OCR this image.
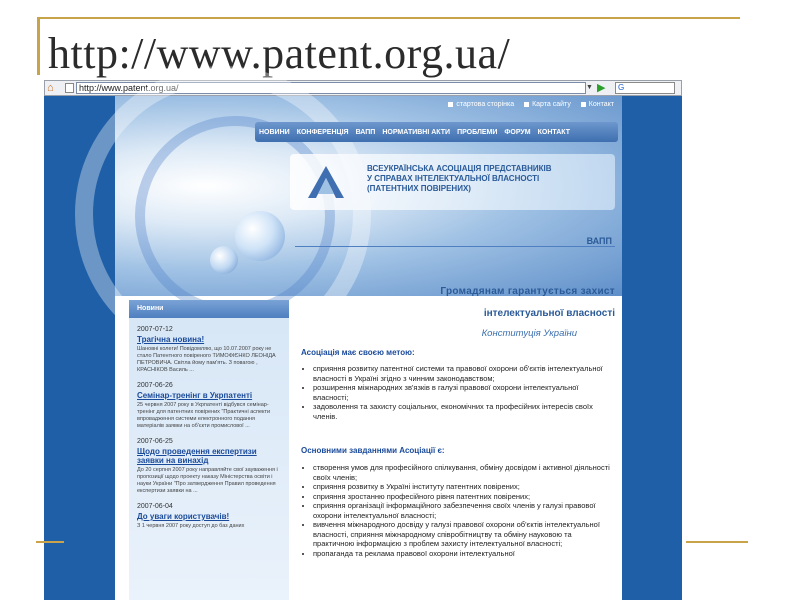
http://www.patent.org.ua/
⌂	http://www.patent.org.ua/	▼ ▶	G
стартова сторінка	Карта сайту	Контакт
НОВИНИ КОНФЕРЕНЦІЯ ВАПП НОРМАТИВНІ АКТИ ПРОБЛЕМИ ФОРУМ КОНТАКТ
ВСЕУКРАЇНСЬКА АСОЦІАЦІЯ ПРЕДСТАВНИКІВ
У СПРАВАХ ІНТЕЛЕКТУАЛЬНОЇ ВЛАСНОСТІ
(ПАТЕНТНИХ ПОВІРЕНИХ)
ВАПП
Новини
2007-07-12
Трагічна новина!
Шановні колеги! Повідомляю, що 10.07.2007 року не стало Патентного повіреного ТИМОФІЄНКО ЛЕОНІДА ПЕТРОВИЧА. Світла йому пам'ять. З повагою , КРАСНІКОВ Василь ...
2007-06-26
Семінар-тренінг в Укрпатенті
25 червня 2007 року в Укрпатенті відбувся семінар-тренінг для патентних повірених "Практичні аспекти впровадження системи електронного подання матеріалів заявки на об'єкти промислової ...
2007-06-25
Щодо проведення експертизи заявки на винахід
До 20 серпня 2007 року направляйте свої зауваження і пропозиції щодо проекту наказу Міністерства освіти і науки України "Про затвердження Правил проведення експертизи заявки на ...
2007-06-04
До уваги користувачів!
З 1 червня 2007 року доступ до баз даних
Громадянам гарантується захист
інтелектуальної власності
Конституція України
Асоціація має своєю метою:
• сприяння розвитку патентної системи та правової охорони об'єктів інтелектуальної власності в Україні згідно з чинним законодавством;
• розширення міжнародних зв'язків в галузі правової охорони інтелектуальної власності;
• задоволення та захисту соціальних, економічних та професійних інтересів своїх членів.
Основними завданнями Асоціації є:
• створення умов для професійного спілкування, обміну досвідом і активної діяльності своїх членів;
• сприяння розвитку в Україні інституту патентних повірених;
• сприяння зростанню професійного рівня патентних повірених;
• сприяння організації інформаційного забезпечення своїх членів у галузі правової охорони інтелектуальної власності;
• вивчення міжнародного досвіду у галузі правової охорони об'єктів інтелектуальної власності, сприяння міжнародному співробітництву та обміну науковою та практичною інформацією з проблем захисту інтелектуальної власності;
• пропаганда та реклама правової охорони інтелектуальної
